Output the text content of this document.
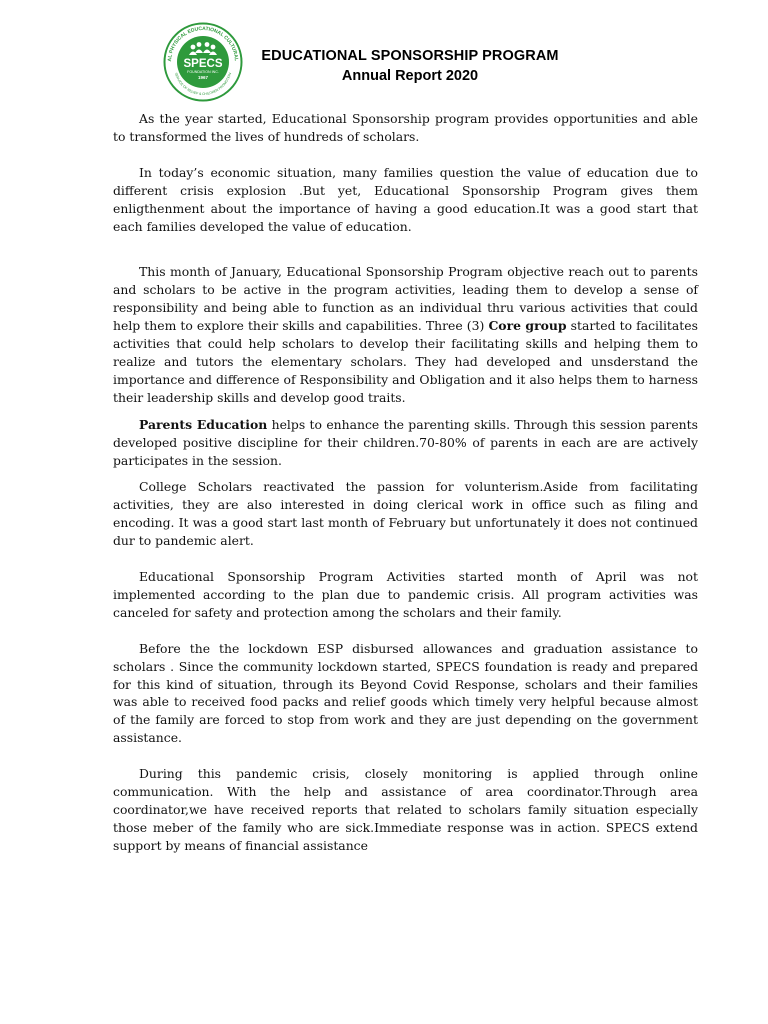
AL PHYSICAL EDUCATIONAL CULTURAL
SERVICE OF RELIEF & CHILDREN PROMOTION
SPECS
FOUNDATION INC.
1967
EDUCATIONAL SPONSORSHIP PROGRAM
Annual Report 2020

As the year started, Educational Sponsorship program provides opportunities and able to transformed the lives of hundreds of scholars.

In today’s economic situation, many families question the value of education due to different crisis explosion .But yet, Educational Sponsorship Program gives them enligthenment about the importance of having a good education.It was a good start that each families developed the value of education.

This month of January, Educational Sponsorship Program objective reach out to parents and scholars to be active in the program activities, leading them to develop a sense of responsibility and being able to function as an individual thru various activities that could help them to explore their skills and capabilities. Three (3) Core group started to facilitates activities that could help scholars to develop their facilitating skills and helping them to realize and tutors the elementary scholars. They had developed and unsderstand the importance and difference of Responsibility and Obligation and it also helps them to harness their leadership skills and develop good traits.

Parents Education helps to enhance the parenting skills. Through this session parents developed positive discipline for their children.70-80% of parents in each are are actively participates in the session.

College Scholars reactivated the passion for volunterism.Aside from facilitating activities, they are also interested in doing clerical work in office such as filing and encoding. It was a good start last month of February but unfortunately it does not continued dur to pandemic alert.

Educational Sponsorship Program Activities started month of April was not implemented according to the plan due to pandemic crisis. All program activities was canceled for safety and protection among the scholars and their family.

Before the the lockdown ESP disbursed allowances and graduation assistance to scholars . Since the community lockdown started, SPECS foundation is ready and prepared for this kind of situation, through its Beyond Covid Response, scholars and their families was able to received food packs and relief goods which timely very helpful because almost of the family are forced to stop from work and they are just depending on the government assistance.

During this pandemic crisis, closely monitoring is applied through online communication. With the help and assistance of area coordinator.Through area coordinator,we have received reports that related to scholars family situation especially those meber of the family who are sick.Immediate response was in action. SPECS extend support by means of financial assistance
